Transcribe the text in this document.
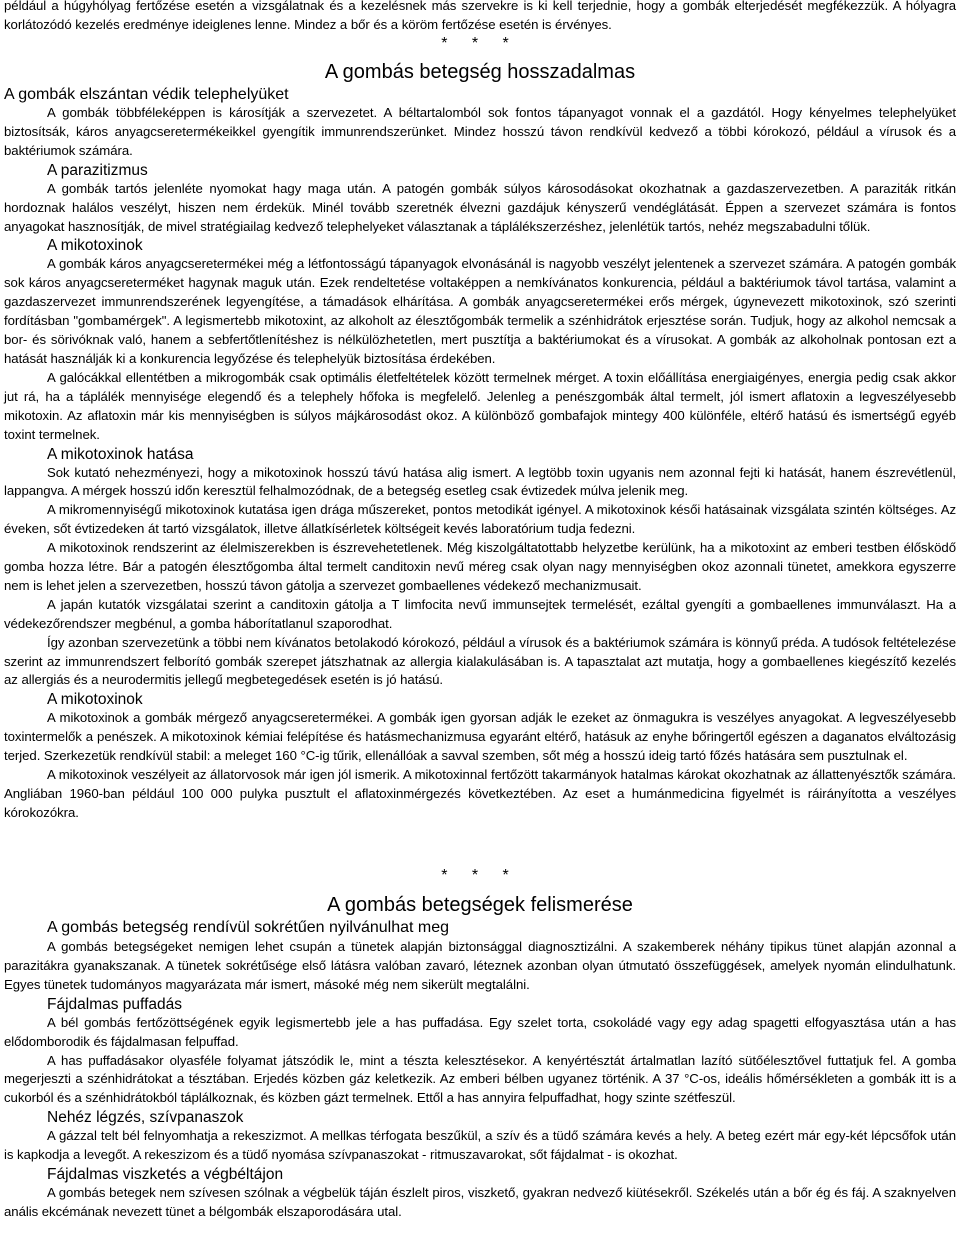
például a húgyhólyag fertőzése esetén a vizsgálatnak és a kezelésnek más szervekre is ki kell terjednie, hogy a gombák elterjedését megfékezzük. A hólyagra korlátozódó kezelés eredménye ideiglenes lenne. Mindez a bőr és a köröm fertőzése esetén is érvényes.

* * *
A gombás betegség hosszadalmas
A gombák elszántan védik telephelyüket

A gombák többféleképpen is károsítják a szervezetet. A béltartalomból sok fontos tápanyagot vonnak el a gazdától. Hogy kényelmes telephelyüket biztosítsák, káros anyagcseretermékeikkel gyengítik immunrendszerünket. Mindez hosszú távon rendkívül kedvező a többi kórokozó, például a vírusok és a baktériumok számára.

A parazitizmus

A gombák tartós jelenléte nyomokat hagy maga után. A patogén gombák súlyos károsodásokat okozhatnak a gazdaszervezetben. A paraziták ritkán hordoznak halálos veszélyt, hiszen nem érdekük. Minél tovább szeretnék élvezni gazdájuk kényszerű vendéglátását. Éppen a szervezet számára is fontos anyagokat hasznosítják, de mivel stratégiailag kedvező telephelyeket választanak a táplálékszerzéshez, jelenlétük tartós, nehéz megszabadulni tőlük.

A mikotoxinok

A gombák káros anyagcseretermékei még a létfontosságú tápanyagok elvonásánál is nagyobb veszélyt jelentenek a szervezet számára. A patogén gombák sok káros anyagcsereterméket hagynak maguk után. Ezek rendeltetése voltaképpen a nemkívánatos konkurencia, például a baktériumok távol tartása, valamint a gazdaszervezet immunrendszerének legyengítése, a támadások elhárítása. A gombák anyagcseretermékei erős mérgek, úgynevezett mikotoxinok, szó szerinti fordításban "gombamérgek". A legismertebb mikotoxint, az alkoholt az élesztőgombák termelik a szénhidrátok erjesztése során. Tudjuk, hogy az alkohol nemcsak a bor- és sörivóknak való, hanem a sebfertőtlenítéshez is nélkülözhetetlen, mert pusztítja a baktériumokat és a vírusokat. A gombák az alkoholnak pontosan ezt a hatását használják ki a konkurencia legyőzése és telephelyük biztosítása érdekében.

A galócákkal ellentétben a mikrogombák csak optimális életfeltételek között termelnek mérget. A toxin előállítása energiaigényes, energia pedig csak akkor jut rá, ha a táplálék mennyisége elegendő és a telephely hőfoka is megfelelő. Jelenleg a penészgombák által termelt, jól ismert aflatoxin a legveszélyesebb mikotoxin. Az aflatoxin már kis mennyiségben is súlyos májkárosodást okoz. A különböző gombafajok mintegy 400 különféle, eltérő hatású és ismertségű egyéb toxint termelnek.

A mikotoxinok hatása

Sok kutató nehezményezi, hogy a mikotoxinok hosszú távú hatása alig ismert. A legtöbb toxin ugyanis nem azonnal fejti ki hatását, hanem észrevétlenül, lappangva. A mérgek hosszú időn keresztül felhalmozódnak, de a betegség esetleg csak évtizedek múlva jelenik meg.

A mikromennyiségű mikotoxinok kutatása igen drága műszereket, pontos metodikát igényel. A mikotoxinok késői hatásainak vizsgálata szintén költséges. Az éveken, sőt évtizedeken át tartó vizsgálatok, illetve állatkísérletek költségeit kevés laboratórium tudja fedezni.

A mikotoxinok rendszerint az élelmiszerekben is észrevehetetlenek. Még kiszolgáltatottabb helyzetbe kerülünk, ha a mikotoxint az emberi testben élősködő gomba hozza létre. Bár a patogén élesztőgomba által termelt canditoxin nevű méreg csak olyan nagy mennyiségben okoz azonnali tünetet, amekkora egyszerre nem is lehet jelen a szervezetben, hosszú távon gátolja a szervezet gombaellenes védekező mechanizmusait.

A japán kutatók vizsgálatai szerint a canditoxin gátolja a T limfocita nevű immunsejtek termelését, ezáltal gyengíti a gombaellenes immunválaszt. Ha a védekezőrendszer megbénul, a gomba háborítatlanul szaporodhat.

Így azonban szervezetünk a többi nem kívánatos betolakodó kórokozó, például a vírusok és a baktériumok számára is könnyű préda. A tudósok feltételezése szerint az immunrendszert felborító gombák szerepet játszhatnak az allergia kialakulásában is. A tapasztalat azt mutatja, hogy a gombaellenes kiegészítő kezelés az allergiás és a neurodermitis jellegű megbetegedések esetén is jó hatású.

A mikotoxinok

A mikotoxinok a gombák mérgező anyagcseretermékei. A gombák igen gyorsan adják le ezeket az önmagukra is veszélyes anyagokat. A legveszélyesebb toxintermelők a penészek. A mikotoxinok kémiai felépítése és hatásmechanizmusa egyaránt eltérő, hatásuk az enyhe bőringertől egészen a daganatos elváltozásig terjed. Szerkezetük rendkívül stabil: a meleget 160 °C-ig tűrik, ellenállóak a savval szemben, sőt még a hosszú ideig tartó főzés hatására sem pusztulnak el.

A mikotoxinok veszélyeit az állatorvosok már igen jól ismerik. A mikotoxinnal fertőzött takarmányok hatalmas károkat okozhatnak az állattenyésztők számára. Angliában 1960-ban például 100 000 pulyka pusztult el aflatoxinmérgezés következtében. Az eset a humánmedicina figyelmét is ráirányította a veszélyes kórokozókra.

* * *
A gombás betegségek felismerése
A gombás betegség rendívül sokrétűen nyilvánulhat meg

A gombás betegségeket nemigen lehet csupán a tünetek alapján biztonsággal diagnosztizálni. A szakemberek néhány tipikus tünet alapján azonnal a parazitákra gyanakszanak. A tünetek sokrétűsége első látásra valóban zavaró, léteznek azonban olyan útmutató összefüggések, amelyek nyomán elindulhatunk. Egyes tünetek tudományos magyarázata már ismert, másoké még nem sikerült megtalálni.

Fájdalmas puffadás

A bél gombás fertőzöttségének egyik legismertebb jele a has puffadása. Egy szelet torta, csokoládé vagy egy adag spagetti elfogyasztása után a has elődomborodik és fájdalmasan felpuffad.

A has puffadásakor olyasféle folyamat játszódik le, mint a tészta kelesztésekor. A kenyértésztát ártalmatlan lazító sütőélesztővel futtatjuk fel. A gomba megerjeszti a szénhidrátokat a tésztában. Erjedés közben gáz keletkezik. Az emberi bélben ugyanez történik. A 37 °C-os, ideális hőmérsékleten a gombák itt is a cukorból és a szénhidrátokból táplálkoznak, és közben gázt termelnek. Ettől a has annyira felpuffadhat, hogy szinte szétfeszül.

Nehéz légzés, szívpanaszok

A gázzal telt bél felnyomhatja a rekeszizmot. A mellkas térfogata beszűkül, a szív és a tüdő számára kevés a hely. A beteg ezért már egy-két lépcsőfok után is kapkodja a levegőt. A rekeszizom és a tüdő nyomása szívpanaszokat - ritmuszavarokat, sőt fájdalmat - is okozhat.

Fájdalmas viszketés a végbéltájon

A gombás betegek nem szívesen szólnak a végbelük táján észlelt piros, viszkető, gyakran nedvező kiütésekről. Székelés után a bőr ég és fáj. A szaknyelven anális ekcémának nevezett tünet a bélgombák elszaporodására utal.
